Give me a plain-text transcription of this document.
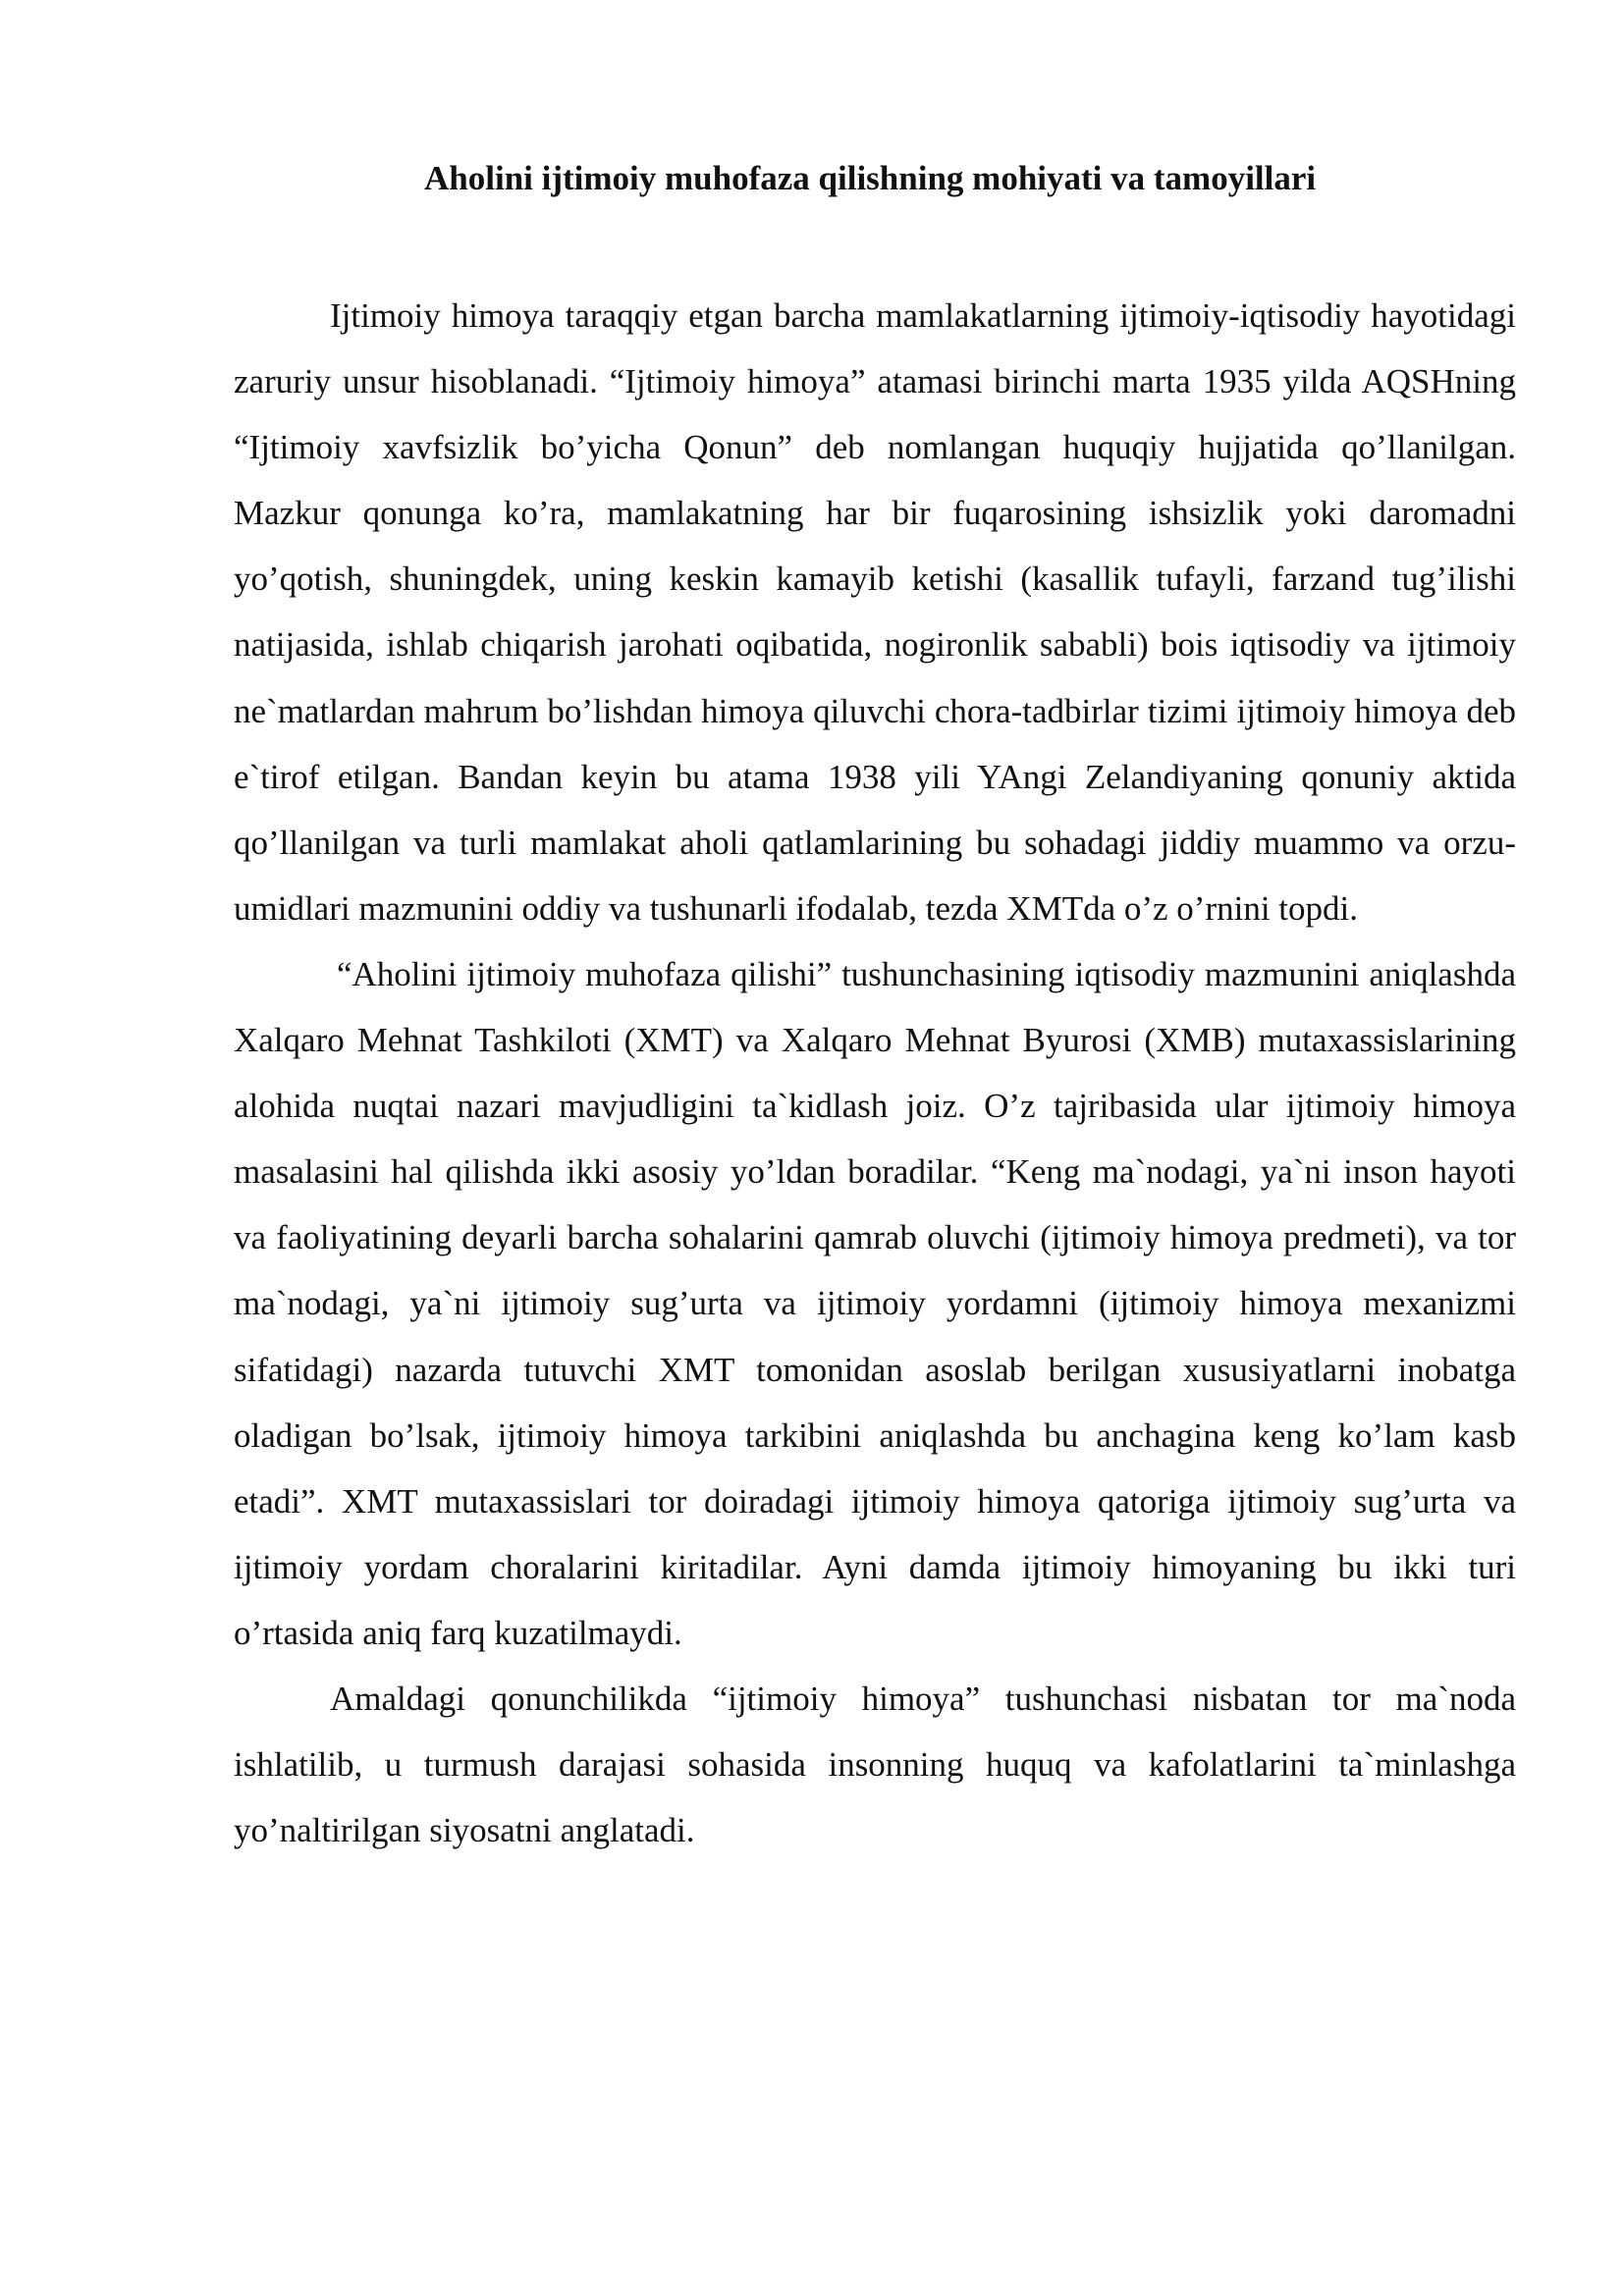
Aholini ijtimoiy muhofaza qilishning mohiyati va tamoyillari

Ijtimoiy himoya taraqqiy etgan barcha mamlakatlarning ijtimoiy-iqtisodiy hayotidagi zaruriy unsur hisoblanadi. “Ijtimoiy himoya” atamasi birinchi marta 1935 yilda AQSHning “Ijtimoiy xavfsizlik bo’yicha Qonun” deb nomlangan huquqiy hujjatida qo’llanilgan. Mazkur qonunga ko’ra, mamlakatning har bir fuqarosining ishsizlik yoki daromadni yo’qotish, shuningdek, uning keskin kamayib ketishi (kasallik tufayli, farzand tug’ilishi natijasida, ishlab chiqarish jarohati oqibatida, nogironlik sababli) bois iqtisodiy va ijtimoiy ne`matlardan mahrum bo’lishdan himoya qiluvchi chora-tadbirlar tizimi ijtimoiy himoya deb e`tirof etilgan. Bandan keyin bu atama 1938 yili YAngi Zelandiyaning qonuniy aktida qo’llanilgan va turli mamlakat aholi qatlamlarining bu sohadagi jiddiy muammo va orzu-umidlari mazmunini oddiy va tushunarli ifodalab, tezda XMTda o’z o’rnini topdi.

“Aholini ijtimoiy muhofaza qilishi” tushunchasining iqtisodiy mazmunini aniqlashda Xalqaro Mehnat Tashkiloti (XMT) va Xalqaro Mehnat Byurosi (XMB) mutaxassislarining alohida nuqtai nazari mavjudligini ta`kidlash joiz. O’z tajribasida ular ijtimoiy himoya masalasini hal qilishda ikki asosiy yo’ldan boradilar. “Keng ma`nodagi, ya`ni inson hayoti va faoliyatining deyarli barcha sohalarini qamrab oluvchi (ijtimoiy himoya predmeti), va tor ma`nodagi, ya`ni ijtimoiy sug’urta va ijtimoiy yordamni (ijtimoiy himoya mexanizmi sifatidagi) nazarda tutuvchi XMT tomonidan asoslab berilgan xususiyatlarni inobatga oladigan bo’lsak, ijtimoiy himoya tarkibini aniqlashda bu anchagina keng ko’lam kasb etadi”. XMT mutaxassislari tor doiradagi ijtimoiy himoya qatoriga ijtimoiy sug’urta va ijtimoiy yordam choralarini kiritadilar. Ayni damda ijtimoiy himoyaning bu ikki turi o’rtasida aniq farq kuzatilmaydi.

Amaldagi qonunchilikda “ijtimoiy himoya” tushunchasi nisbatan tor ma`noda ishlatilib, u turmush darajasi sohasida insonning huquq va kafolatlarini ta`minlashga yo’naltirilgan siyosatni anglatadi.
